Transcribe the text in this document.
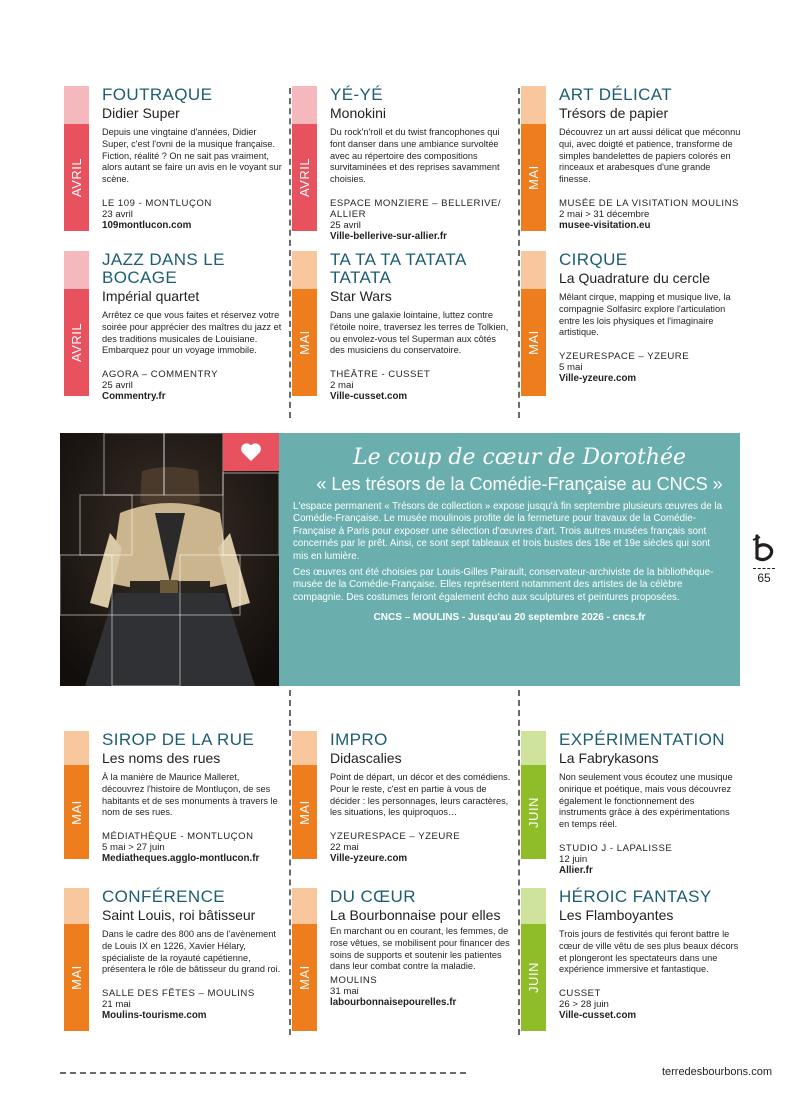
AVRIL
FOUTRAQUE
Didier Super
Depuis une vingtaine d'années, Didier Super, c'est l'ovni de la musique française. Fiction, réalité ? On ne sait pas vraiment, alors autant se faire un avis en le voyant sur scène.
LE 109 - MONTLUÇON
23 avril
109montlucon.com
AVRIL
YÉ-YÉ
Monokini
Du rock'n'roll et du twist francophones qui font danser dans une ambiance survoltée avec au répertoire des compositions survitaminées et des reprises savamment choisies.
ESPACE MONZIERE – BELLERIVE/ ALLIER
25 avril
Ville-bellerive-sur-allier.fr
MAI
ART DÉLICAT
Trésors de papier
Découvrez un art aussi délicat que méconnu qui, avec doigté et patience, transforme de simples bandelettes de papiers colorés en rinceaux et arabesques d'une grande finesse.
MUSÉE DE LA VISITATION MOULINS
2 mai > 31 décembre
musee-visitation.eu
AVRIL
JAZZ DANS LE BOCAGE
Impérial quartet
Arrêtez ce que vous faites et réservez votre soirée pour apprécier des maîtres du jazz et des traditions musicales de Louisiane. Embarquez pour un voyage immobile.
AGORA – COMMENTRY
25 avril
Commentry.fr
MAI
TA TA TA TATATA TATATA
Star Wars
Dans une galaxie lointaine, luttez contre l'étoile noire, traversez les terres de Tolkien, ou envolez-vous tel Superman aux côtés des musiciens du conservatoire.
THÉÂTRE - CUSSET
2 mai
Ville-cusset.com
MAI
CIRQUE
La Quadrature du cercle
Mêlant cirque, mapping et musique live, la compagnie Solfasirc explore l'articulation entre les lois physiques et l'imaginaire artistique.
YZEURESPACE – YZEURE
5 mai
Ville-yzeure.com
Le coup de cœur de Dorothée
« Les trésors de la Comédie-Française au CNCS »

L'espace permanent « Trésors de collection » expose jusqu'à fin septembre plusieurs œuvres de la Comédie-Française. Le musée moulinois profite de la fermeture pour travaux de la Comédie-Française à Paris pour exposer une sélection d'œuvres d'art. Trois autres musées français sont concernés par le prêt. Ainsi, ce sont sept tableaux et trois bustes des 18e et 19e siècles qui sont mis en lumière.

Ces œuvres ont été choisies par Louis-Gilles Pairault, conservateur-archiviste de la bibliothèque-musée de la Comédie-Française. Elles représentent notamment des artistes de la célèbre compagnie. Des costumes feront également écho aux sculptures et peintures proposées.

CNCS – MOULINS - Jusqu'au 20 septembre 2026 - cncs.fr
65
MAI
SIROP DE LA RUE
Les noms des rues
À la manière de Maurice Malleret, découvrez l'histoire de Montluçon, de ses habitants et de ses monuments à travers le nom de ses rues.
MÉDIATHÈQUE - MONTLUÇON
5 mai > 27 juin
Mediatheques.agglo-montlucon.fr
MAI
IMPRO
Didascalies
Point de départ, un décor et des comédiens. Pour le reste, c'est en partie à vous de décider : les personnages, leurs caractères, les situations, les quiproquos…
YZEURESPACE – YZEURE
22 mai
Ville-yzeure.com
JUIN
EXPÉRIMENTATION
La Fabrykasons
Non seulement vous écoutez une musique onirique et poétique, mais vous découvrez également le fonctionnement des instruments grâce à des expérimentations en temps réel.
STUDIO J - LAPALISSE
12 juin
Allier.fr
MAI
CONFÉRENCE
Saint Louis, roi bâtisseur
Dans le cadre des 800 ans de l'avènement de Louis IX en 1226, Xavier Hélary, spécialiste de la royauté capétienne, présentera le rôle de bâtisseur du grand roi.
SALLE DES FÊTES – MOULINS
21 mai
Moulins-tourisme.com
MAI
DU CŒUR
La Bourbonnaise pour elles
En marchant ou en courant, les femmes, de rose vêtues, se mobilisent pour financer des soins de supports et soutenir les patientes dans leur combat contre la maladie.
MOULINS
31 mai
labourbonnaisepourelles.fr
JUIN
HÉROIC FANTASY
Les Flamboyantes
Trois jours de festivités qui feront battre le cœur de ville vêtu de ses plus beaux décors et plongeront les spectateurs dans une expérience immersive et fantastique.
CUSSET
26 > 28 juin
Ville-cusset.com
terredesbourbons.com
